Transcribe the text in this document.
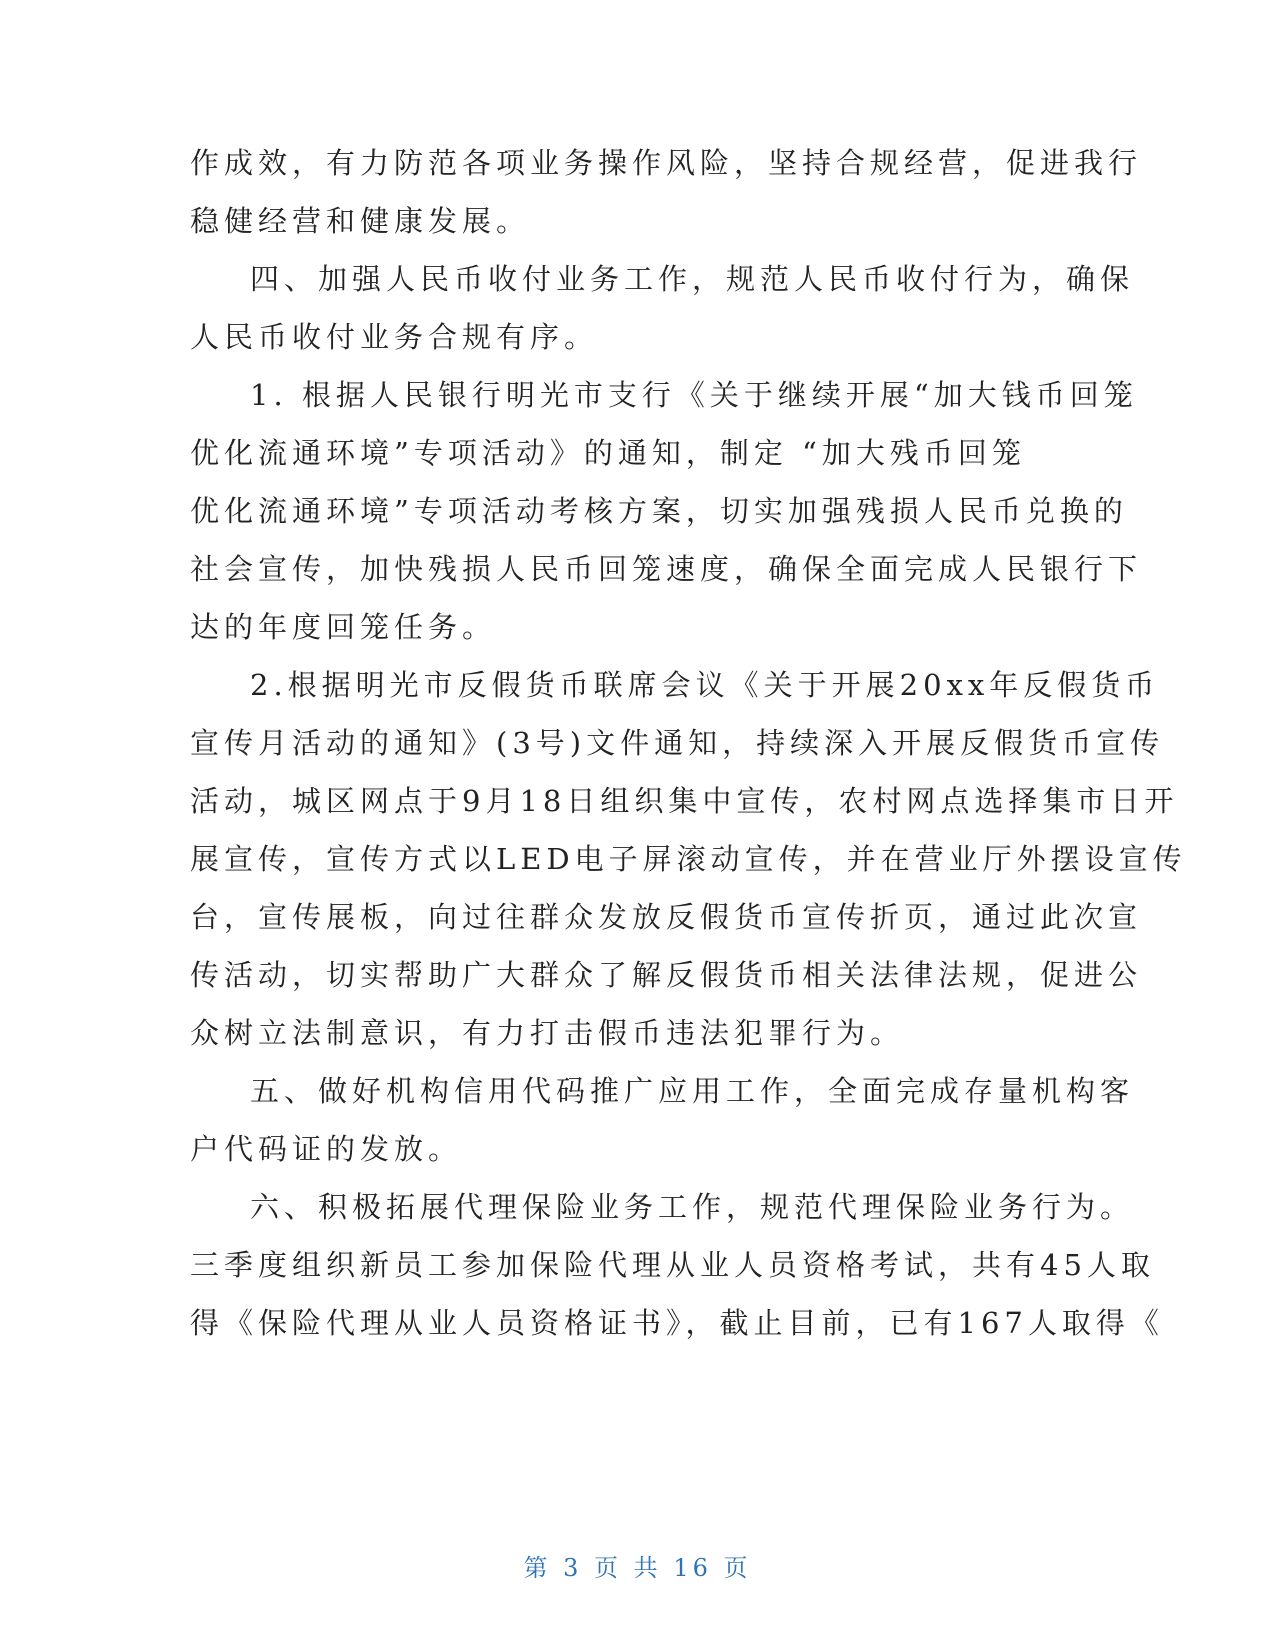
作成效，有力防范各项业务操作风险，坚持合规经营，促进我行
稳健经营和健康发展。
四、加强人民币收付业务工作，规范人民币收付行为，确保
人民币收付业务合规有序。
1. 根据人民银行明光市支行《关于继续开展“加大钱币回笼
优化流通环境”专项活动》的通知，制定 “加大残币回笼
优化流通环境”专项活动考核方案，切实加强残损人民币兑换的
社会宣传，加快残损人民币回笼速度，确保全面完成人民银行下
达的年度回笼任务。
2.根据明光市反假货币联席会议《关于开展20xx年反假货币
宣传月活动的通知》(3号)文件通知，持续深入开展反假货币宣传
活动，城区网点于9月18日组织集中宣传，农村网点选择集市日开
展宣传，宣传方式以LED电子屏滚动宣传，并在营业厅外摆设宣传
台，宣传展板，向过往群众发放反假货币宣传折页，通过此次宣
传活动，切实帮助广大群众了解反假货币相关法律法规，促进公
众树立法制意识，有力打击假币违法犯罪行为。
五、做好机构信用代码推广应用工作，全面完成存量机构客
户代码证的发放。
六、积极拓展代理保险业务工作，规范代理保险业务行为。
三季度组织新员工参加保险代理从业人员资格考试，共有45人取
得《保险代理从业人员资格证书》，截止目前，已有167人取得《
第 3 页 共 16 页
